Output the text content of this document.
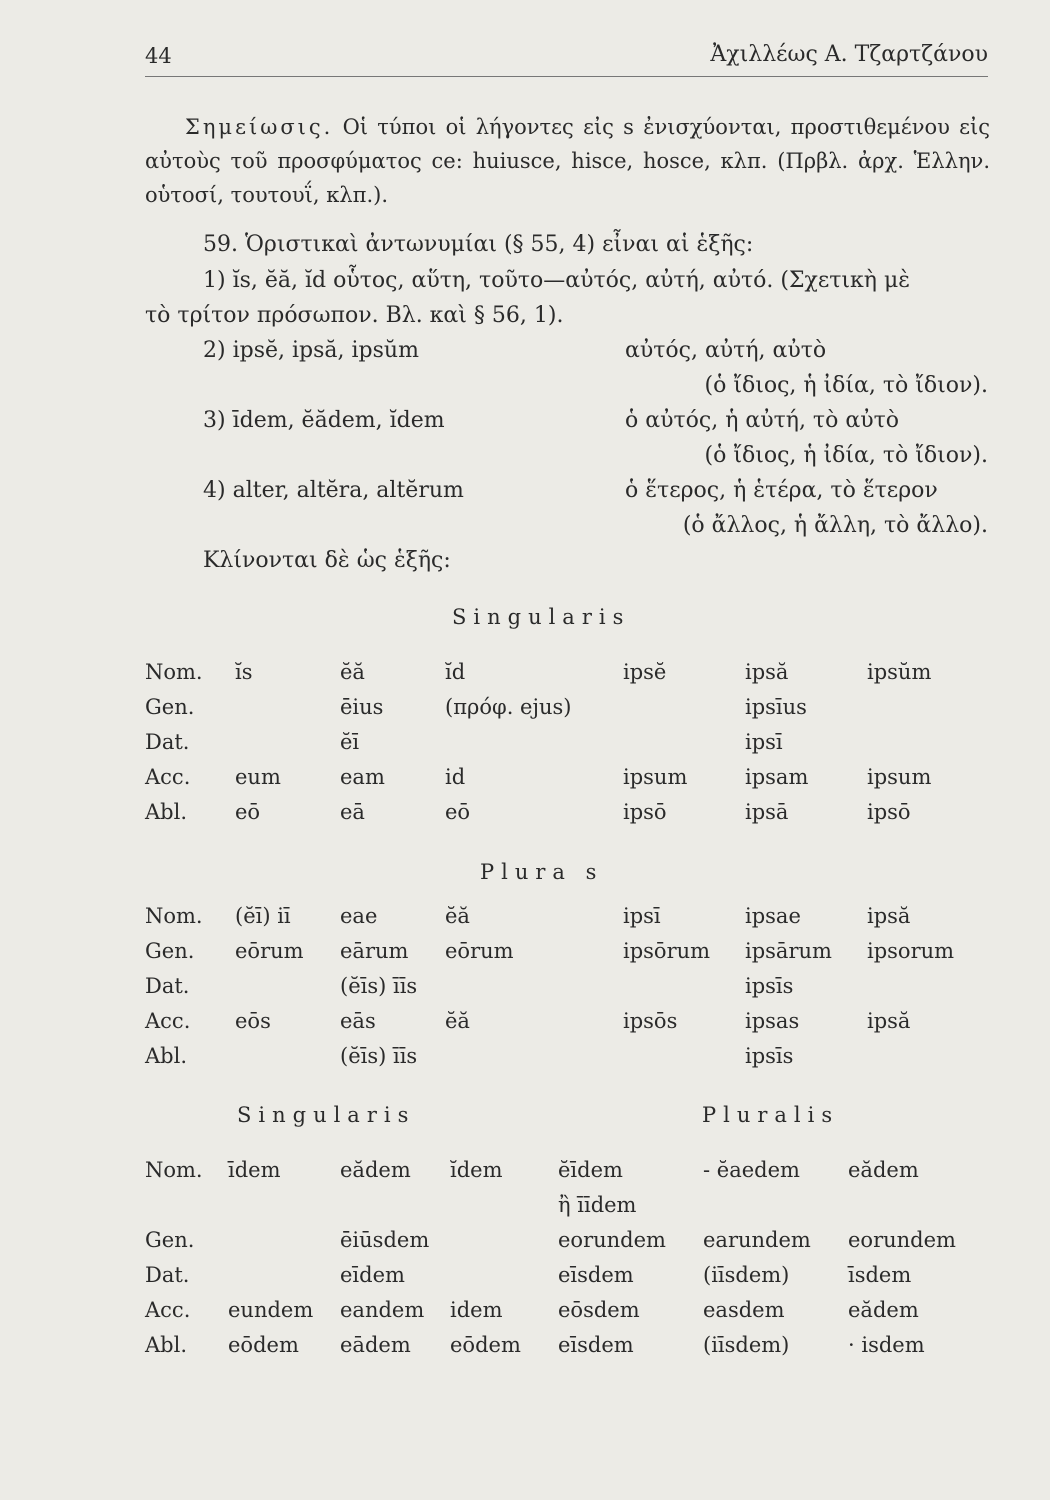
44	Ἀχιλλέως Α. Τζαρτζάνου
Σημείωσις. Οἱ τύποι οἱ λήγοντες εἰς s ἐνισχύονται, προστιθεμένου εἰς αὐτοὺς τοῦ προσφύματος ce: huiusce, hisce, hosce, κλπ. (Πρβλ. ἀρχ. Ἑλλην. οὑτοσί, τουτουΐ, κλπ.).
59. Ὁριστικαὶ ἀντωνυμίαι (§ 55, 4) εἶναι αἱ ἑξῆς:
1) ĭs, ĕă, ĭd οὗτος, αὕτη, τοῦτο—αὐτός, αὐτή, αὐτό. (Σχετικὴ μὲ
τὸ τρίτον πρόσωπον. Βλ. καὶ § 56, 1).
2) ipsĕ, ipsă, ipsŭm	αὐτός, αὐτή, αὐτὸ
(ὁ ἴδιος, ἡ ἰδία, τὸ ἴδιον).
3) īdem, ĕădem, ĭdem	ὁ αὐτός, ἡ αὐτή, τὸ αὐτὸ
(ὁ ἴδιος, ἡ ἰδία, τὸ ἴδιον).
4) alter, altĕra, altĕrum	ὁ ἕτερος, ἡ ἑτέρα, τὸ ἕτερον
(ὁ ἄλλος, ἡ ἄλλη, τὸ ἄλλο).
Κλίνονται δὲ ὡς ἑξῆς:
Singularis
Nom.	ĭs	ĕă	ĭd	ipsĕ	ipsă	ipsŭm
Gen.		ēius	(πρόφ. ejus)		ipsīus	
Dat.		ĕī			ipsī	
Acc.	eum	eam	id	ipsum	ipsam	ipsum
Abl.	eō	eā	eō	ipsō	ipsā	ipsō
Plura s
Nom.	(ĕī) iī	eae	ĕă	ipsī	ipsae	ipsă
Gen.	eōrum	eārum	eōrum	ipsōrum	ipsārum	ipsorum
Dat.		(ĕīs) īīs			ipsīs	
Acc.	eōs	eās	ĕă	ipsōs	ipsas	ipsă
Abl.		(ĕīs) īīs			ipsīs	
Singularis	Pluralis
Nom.	īdem	eădem	ĭdem	ĕīdem	- ĕaedem	eădem
				ἢ īīdem		
Gen.		ēiūsdem		eorundem	earundem	eorundem
Dat.		eīdem		eīsdem	(iīsdem)	īsdem
Acc.	eundem	eandem	idem	eōsdem	easdem	eădem
Abl.	eōdem	eādem	eōdem	eīsdem	(iīsdem)	· isdem
